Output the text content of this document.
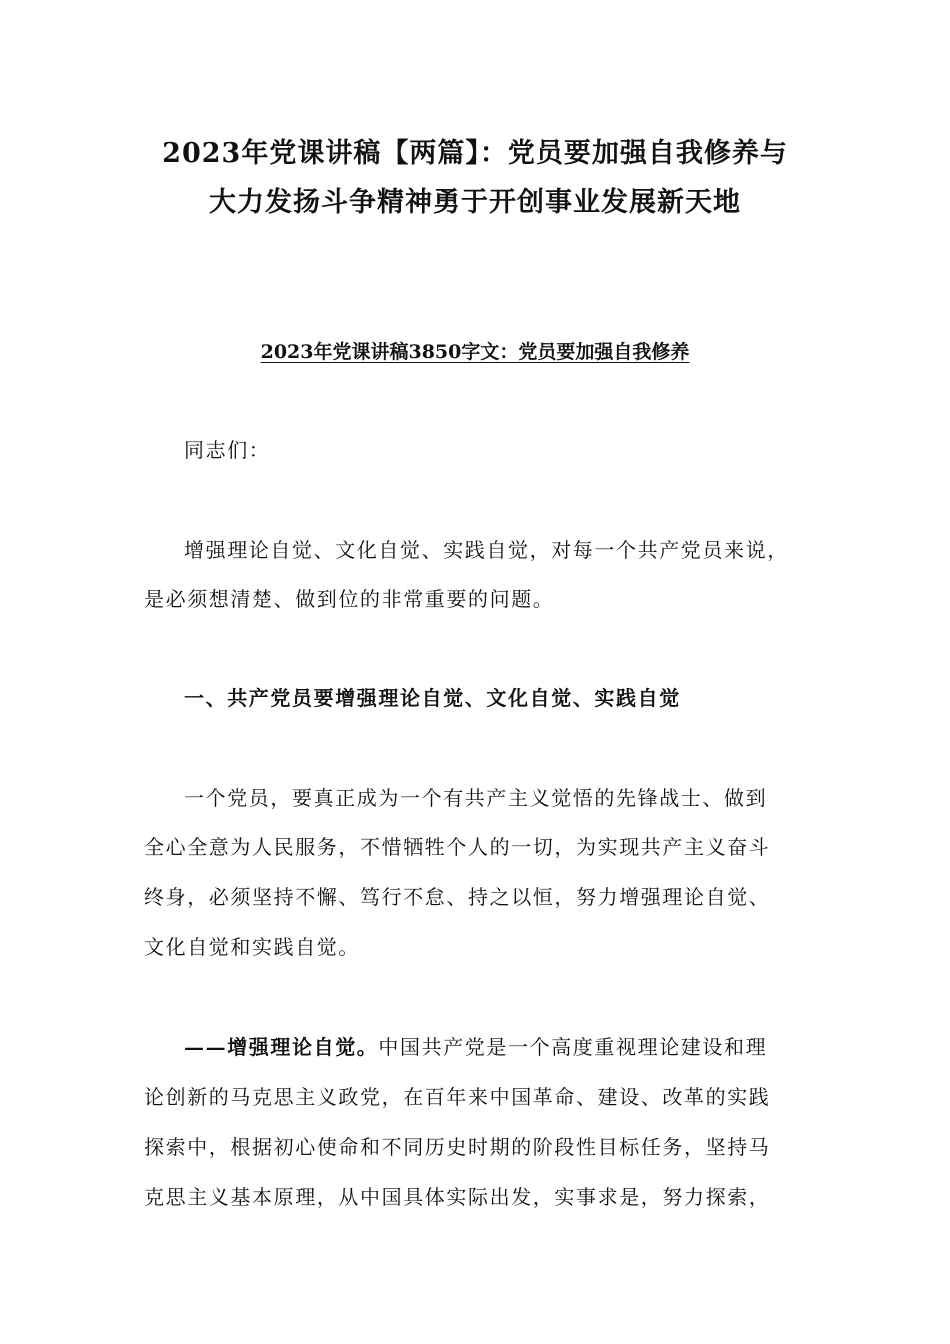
2023年党课讲稿【两篇】：党员要加强自我修养与
大力发扬斗争精神勇于开创事业发展新天地
2023年党课讲稿3850字文：党员要加强自我修养
同志们：
增强理论自觉、文化自觉、实践自觉，对每一个共产党员来说，
是必须想清楚、做到位的非常重要的问题。
一、共产党员要增强理论自觉、文化自觉、实践自觉
一个党员，要真正成为一个有共产主义觉悟的先锋战士、做到
全心全意为人民服务，不惜牺牲个人的一切，为实现共产主义奋斗
终身，必须坚持不懈、笃行不怠、持之以恒，努力增强理论自觉、
文化自觉和实践自觉。
——增强理论自觉。中国共产党是一个高度重视理论建设和理
论创新的马克思主义政党，在百年来中国革命、建设、改革的实践
探索中，根据初心使命和不同历史时期的阶段性目标任务，坚持马
克思主义基本原理，从中国具体实际出发，实事求是，努力探索，
